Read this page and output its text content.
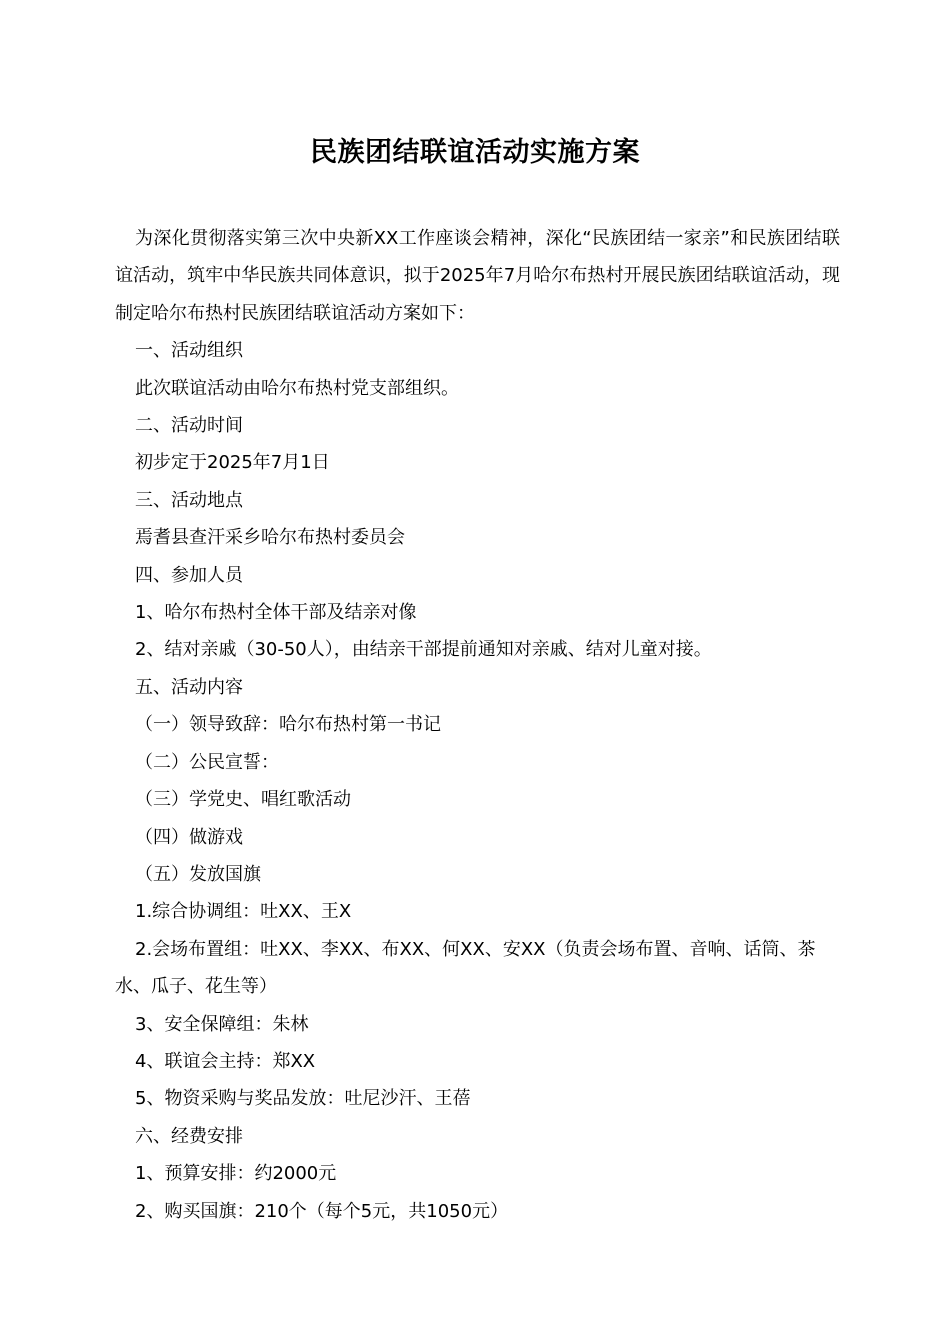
民族团结联谊活动实施方案

为深化贯彻落实第三次中央新XX工作座谈会精神，深化“民族团结一家亲”和民族团结联谊活动，筑牢中华民族共同体意识，拟于2025年7月哈尔布热村开展民族团结联谊活动，现制定哈尔布热村民族团结联谊活动方案如下：

一、活动组织

此次联谊活动由哈尔布热村党支部组织。

二、活动时间

初步定于2025年7月1日

三、活动地点

焉耆县查汗采乡哈尔布热村委员会

四、参加人员

1、哈尔布热村全体干部及结亲对像

2、结对亲戚（30-50人），由结亲干部提前通知对亲戚、结对儿童对接。

五、活动内容

（一）领导致辞：哈尔布热村第一书记

（二）公民宣誓：

（三）学党史、唱红歌活动

（四）做游戏

（五）发放国旗

1.综合协调组：吐XX、王X

2.会场布置组：吐XX、李XX、布XX、何XX、安XX（负责会场布置、音响、话筒、茶水、瓜子、花生等）

3、安全保障组：朱林

4、联谊会主持：郑XX

5、物资采购与奖品发放：吐尼沙汗、王蓓

六、经费安排

1、预算安排：约2000元

2、购买国旗：210个（每个5元，共1050元）
